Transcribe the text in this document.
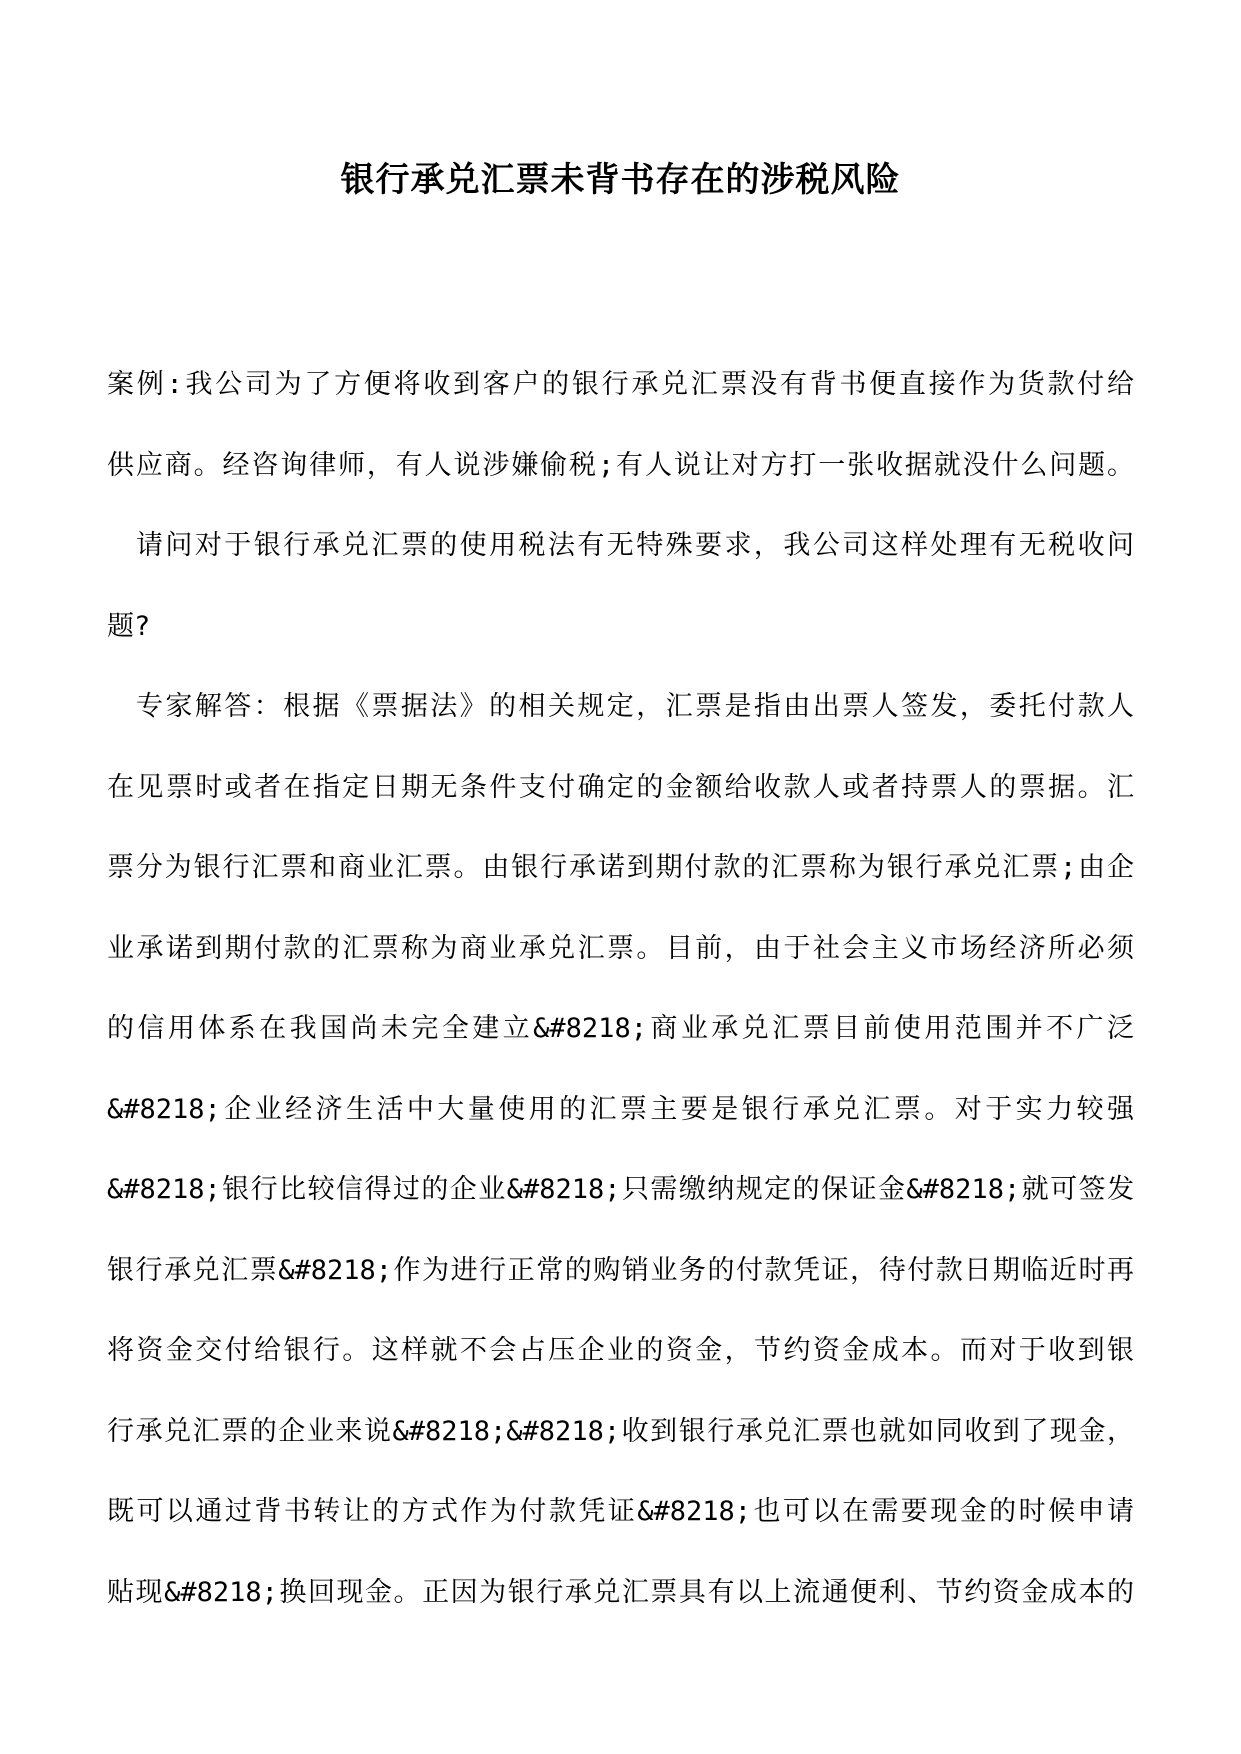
银行承兑汇票未背书存在的涉税风险
案例:我公司为了方便将收到客户的银行承兑汇票没有背书便直接作为货款付给
供应商。经咨询律师，有人说涉嫌偷税;有人说让对方打一张收据就没什么问题。
请问对于银行承兑汇票的使用税法有无特殊要求，我公司这样处理有无税收问
题?
专家解答：根据《票据法》的相关规定，汇票是指由出票人签发，委托付款人
在见票时或者在指定日期无条件支付确定的金额给收款人或者持票人的票据。汇
票分为银行汇票和商业汇票。由银行承诺到期付款的汇票称为银行承兑汇票;由企
业承诺到期付款的汇票称为商业承兑汇票。目前，由于社会主义市场经济所必须
的信用体系在我国尚未完全建立&#8218;商业承兑汇票目前使用范围并不广泛
&#8218;企业经济生活中大量使用的汇票主要是银行承兑汇票。对于实力较强
&#8218;银行比较信得过的企业&#8218;只需缴纳规定的保证金&#8218;就可签发
银行承兑汇票&#8218;作为进行正常的购销业务的付款凭证，待付款日期临近时再
将资金交付给银行。这样就不会占压企业的资金，节约资金成本。而对于收到银
行承兑汇票的企业来说&#8218;&#8218;收到银行承兑汇票也就如同收到了现金，
既可以通过背书转让的方式作为付款凭证&#8218;也可以在需要现金的时候申请
贴现&#8218;换回现金。正因为银行承兑汇票具有以上流通便利、节约资金成本的
